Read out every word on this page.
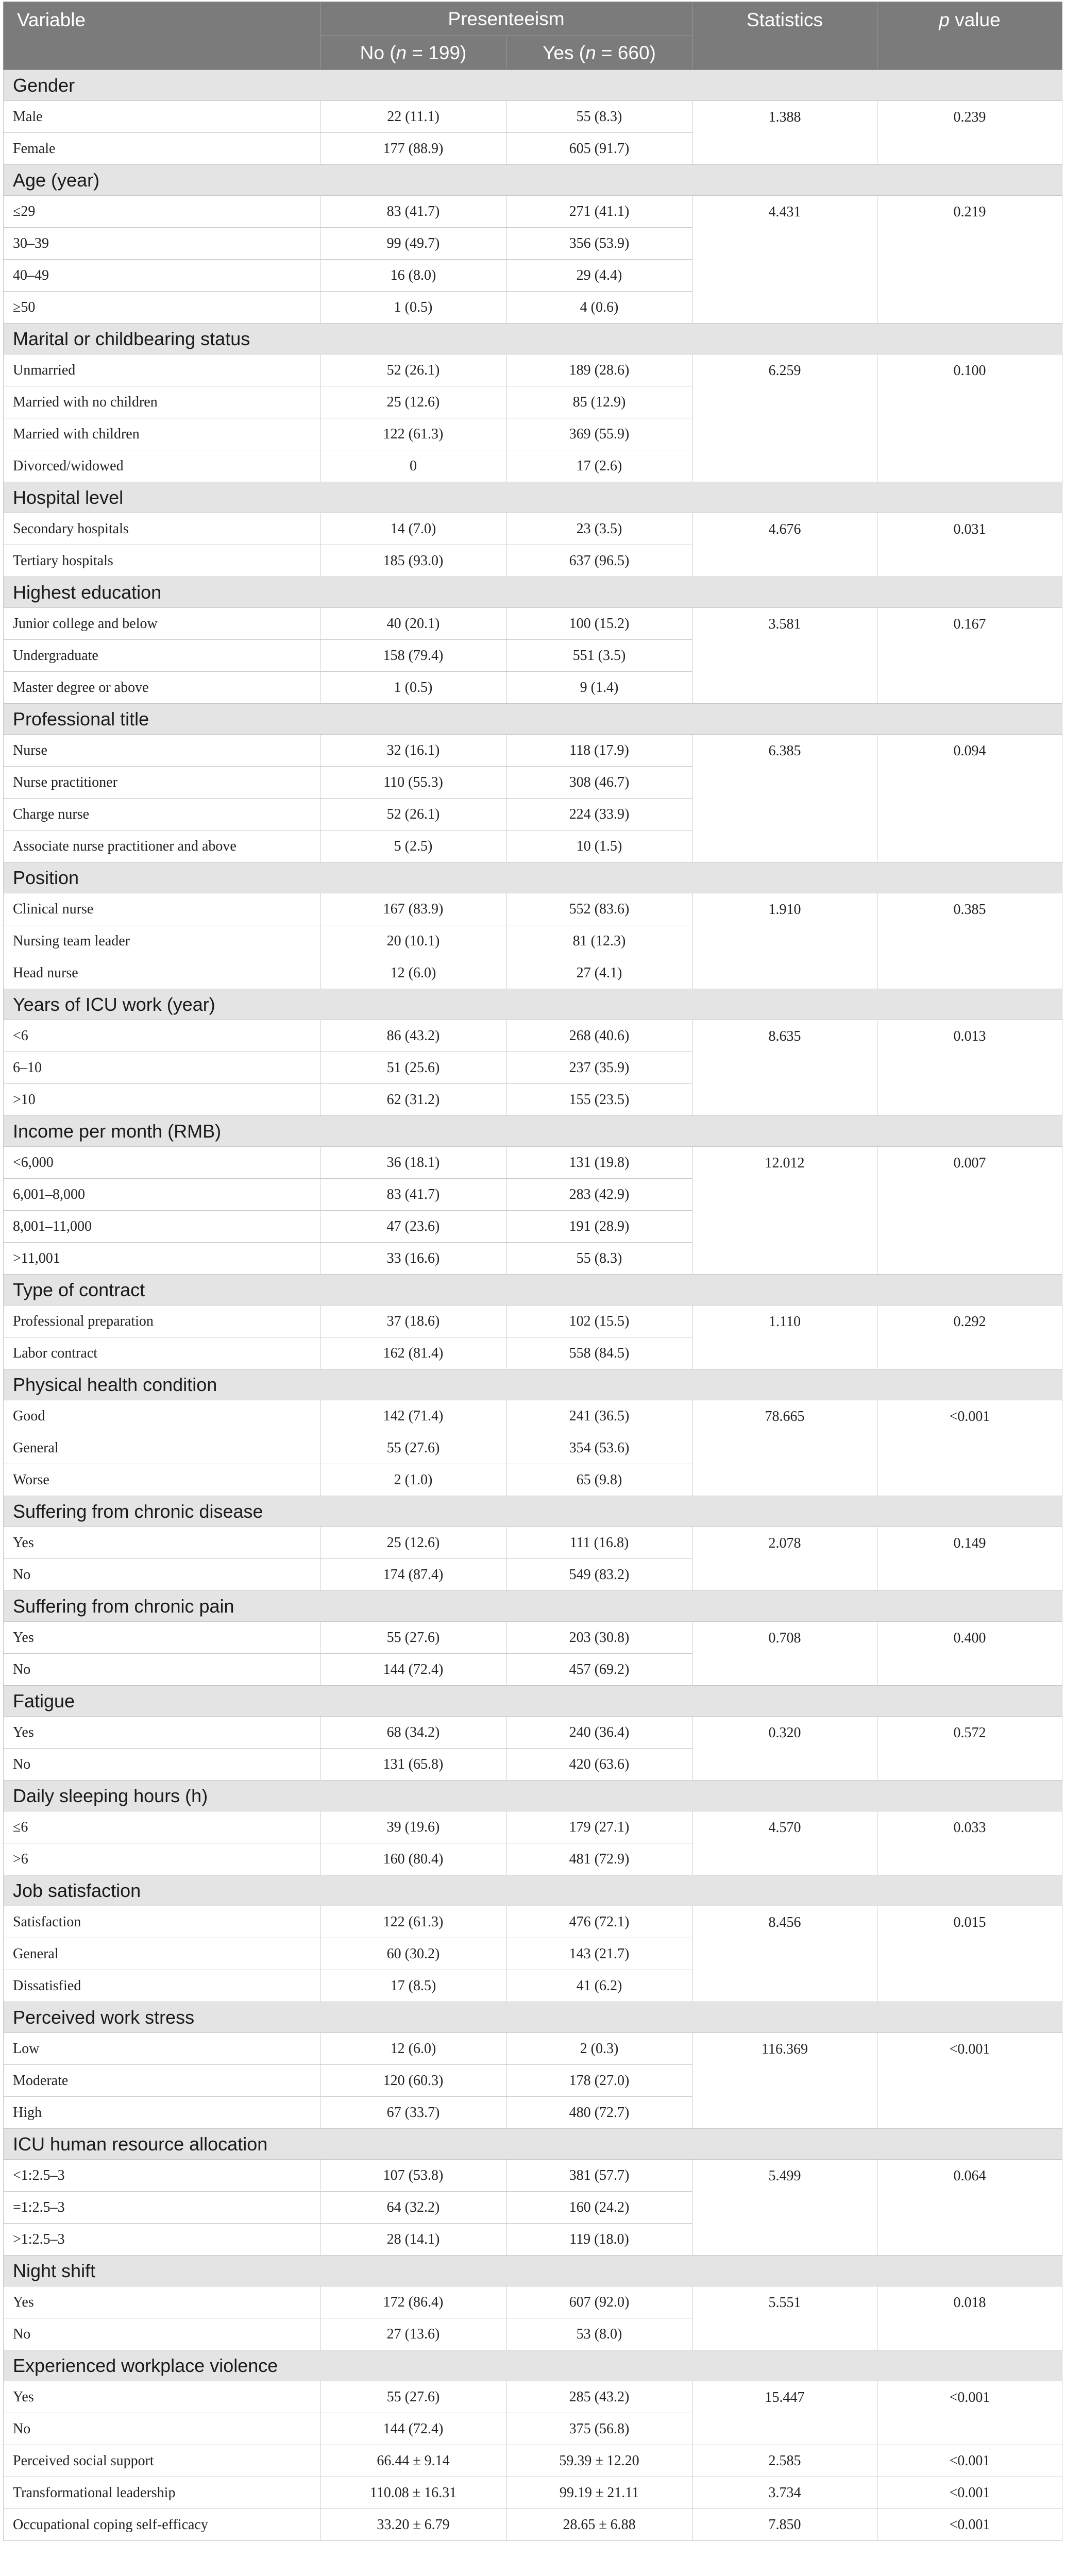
Variable	Presenteeism		Statistics	p value
	No (n = 199)	Yes (n = 660)		
Gender				
Male	22 (11.1)	55 (8.3)	1.388	0.239
Female	177 (88.9)	605 (91.7)		
Age (year)				
≤29	83 (41.7)	271 (41.1)	4.431	0.219
30–39	99 (49.7)	356 (53.9)		
40–49	16 (8.0)	29 (4.4)		
≥50	1 (0.5)	4 (0.6)		
Marital or childbearing status				
Unmarried	52 (26.1)	189 (28.6)	6.259	0.100
Married with no children	25 (12.6)	85 (12.9)		
Married with children	122 (61.3)	369 (55.9)		
Divorced/widowed	0	17 (2.6)		
Hospital level				
Secondary hospitals	14 (7.0)	23 (3.5)	4.676	0.031
Tertiary hospitals	185 (93.0)	637 (96.5)		
Highest education				
Junior college and below	40 (20.1)	100 (15.2)	3.581	0.167
Undergraduate	158 (79.4)	551 (3.5)		
Master degree or above	1 (0.5)	9 (1.4)		
Professional title				
Nurse	32 (16.1)	118 (17.9)	6.385	0.094
Nurse practitioner	110 (55.3)	308 (46.7)		
Charge nurse	52 (26.1)	224 (33.9)		
Associate nurse practitioner and above	5 (2.5)	10 (1.5)		
Position				
Clinical nurse	167 (83.9)	552 (83.6)	1.910	0.385
Nursing team leader	20 (10.1)	81 (12.3)		
Head nurse	12 (6.0)	27 (4.1)		
Years of ICU work (year)				
<6	86 (43.2)	268 (40.6)	8.635	0.013
6–10	51 (25.6)	237 (35.9)		
>10	62 (31.2)	155 (23.5)		
Income per month (RMB)				
<6,000	36 (18.1)	131 (19.8)	12.012	0.007
6,001–8,000	83 (41.7)	283 (42.9)		
8,001–11,000	47 (23.6)	191 (28.9)		
>11,001	33 (16.6)	55 (8.3)		
Type of contract				
Professional preparation	37 (18.6)	102 (15.5)	1.110	0.292
Labor contract	162 (81.4)	558 (84.5)		
Physical health condition				
Good	142 (71.4)	241 (36.5)	78.665	<0.001
General	55 (27.6)	354 (53.6)		
Worse	2 (1.0)	65 (9.8)		
Suffering from chronic disease				
Yes	25 (12.6)	111 (16.8)	2.078	0.149
No	174 (87.4)	549 (83.2)		
Suffering from chronic pain				
Yes	55 (27.6)	203 (30.8)	0.708	0.400
No	144 (72.4)	457 (69.2)		
Fatigue				
Yes	68 (34.2)	240 (36.4)	0.320	0.572
No	131 (65.8)	420 (63.6)		
Daily sleeping hours (h)				
≤6	39 (19.6)	179 (27.1)	4.570	0.033
>6	160 (80.4)	481 (72.9)		
Job satisfaction				
Satisfaction	122 (61.3)	476 (72.1)	8.456	0.015
General	60 (30.2)	143 (21.7)		
Dissatisfied	17 (8.5)	41 (6.2)		
Perceived work stress				
Low	12 (6.0)	2 (0.3)	116.369	<0.001
Moderate	120 (60.3)	178 (27.0)		
High	67 (33.7)	480 (72.7)		
ICU human resource allocation				
<1:2.5–3	107 (53.8)	381 (57.7)	5.499	0.064
=1:2.5–3	64 (32.2)	160 (24.2)		
>1:2.5–3	28 (14.1)	119 (18.0)		
Night shift				
Yes	172 (86.4)	607 (92.0)	5.551	0.018
No	27 (13.6)	53 (8.0)		
Experienced workplace violence				
Yes	55 (27.6)	285 (43.2)	15.447	<0.001
No	144 (72.4)	375 (56.8)		
Perceived social support	66.44 ± 9.14	59.39 ± 12.20	2.585	<0.001
Transformational leadership	110.08 ± 16.31	99.19 ± 21.11	3.734	<0.001
Occupational coping self-efficacy	33.20 ± 6.79	28.65 ± 6.88	7.850	<0.001
